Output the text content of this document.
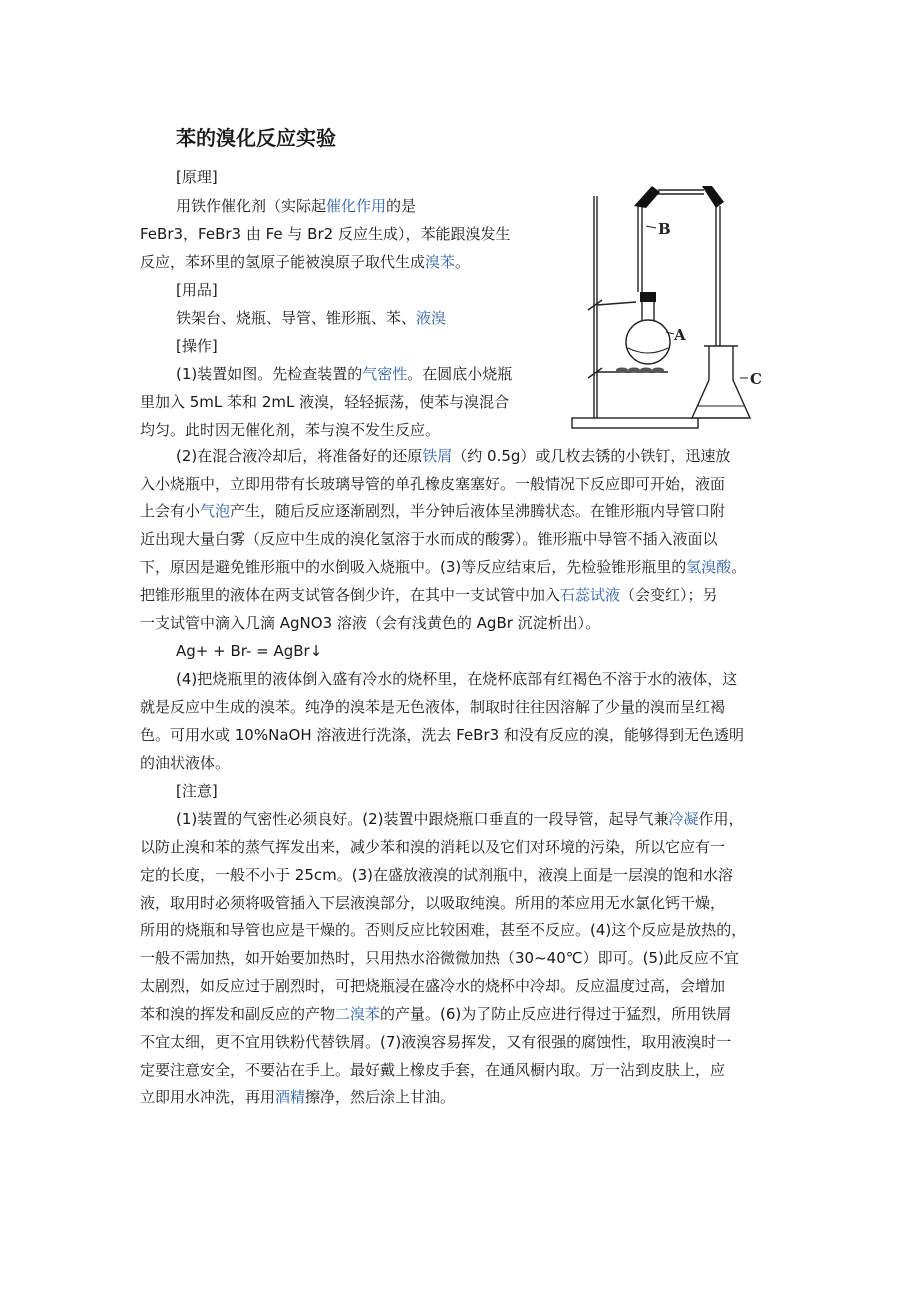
苯的溴化反应实验

[原理]

用铁作催化剂（实际起催化作用的是

FeBr3，FeBr3 由 Fe 与 Br2 反应生成），苯能跟溴发生

反应，苯环里的氢原子能被溴原子取代生成溴苯。

[用品]

铁架台、烧瓶、导管、锥形瓶、苯、液溴

[操作]

(1)装置如图。先检查装置的气密性。在圆底小烧瓶

里加入 5mL 苯和 2mL 液溴，轻轻振荡，使苯与溴混合

均匀。此时因无催化剂，苯与溴不发生反应。

(2)在混合液冷却后，将准备好的还原铁屑（约 0.5g）或几枚去锈的小铁钉，迅速放

入小烧瓶中，立即用带有长玻璃导管的单孔橡皮塞塞好。一般情况下反应即可开始，液面

上会有小气泡产生，随后反应逐渐剧烈，半分钟后液体呈沸腾状态。在锥形瓶内导管口附

近出现大量白雾（反应中生成的溴化氢溶于水而成的酸雾）。锥形瓶中导管不插入液面以

下，原因是避免锥形瓶中的水倒吸入烧瓶中。(3)等反应结束后，先检验锥形瓶里的氢溴酸。

把锥形瓶里的液体在两支试管各倒少许，在其中一支试管中加入石蕊试液（会变红）；另

一支试管中滴入几滴 AgNO3 溶液（会有浅黄色的 AgBr 沉淀析出）。

Ag+ + Br- = AgBr↓

(4)把烧瓶里的液体倒入盛有冷水的烧杯里，在烧杯底部有红褐色不溶于水的液体，这

就是反应中生成的溴苯。纯净的溴苯是无色液体，制取时往往因溶解了少量的溴而呈红褐

色。可用水或 10%NaOH 溶液进行洗涤，洗去 FeBr3 和没有反应的溴，能够得到无色透明

的油状液体。

[注意]

(1)装置的气密性必须良好。(2)装置中跟烧瓶口垂直的一段导管，起导气兼冷凝作用，

以防止溴和苯的蒸气挥发出来，减少苯和溴的消耗以及它们对环境的污染，所以它应有一

定的长度，一般不小于 25cm。(3)在盛放液溴的试剂瓶中，液溴上面是一层溴的饱和水溶

液，取用时必须将吸管插入下层液溴部分，以吸取纯溴。所用的苯应用无水氯化钙干燥，

所用的烧瓶和导管也应是干燥的。否则反应比较困难，甚至不反应。(4)这个反应是放热的，

一般不需加热，如开始要加热时，只用热水浴微微加热（30~40℃）即可。(5)此反应不宜

太剧烈，如反应过于剧烈时，可把烧瓶浸在盛冷水的烧杯中冷却。反应温度过高，会增加

苯和溴的挥发和副反应的产物二溴苯的产量。(6)为了防止反应进行得过于猛烈，所用铁屑

不宜太细，更不宜用铁粉代替铁屑。(7)液溴容易挥发，又有很强的腐蚀性，取用液溴时一

定要注意安全，不要沾在手上。最好戴上橡皮手套，在通风橱内取。万一沾到皮肤上，应

立即用水冲洗，再用酒精擦净，然后涂上甘油。

B
A
C
